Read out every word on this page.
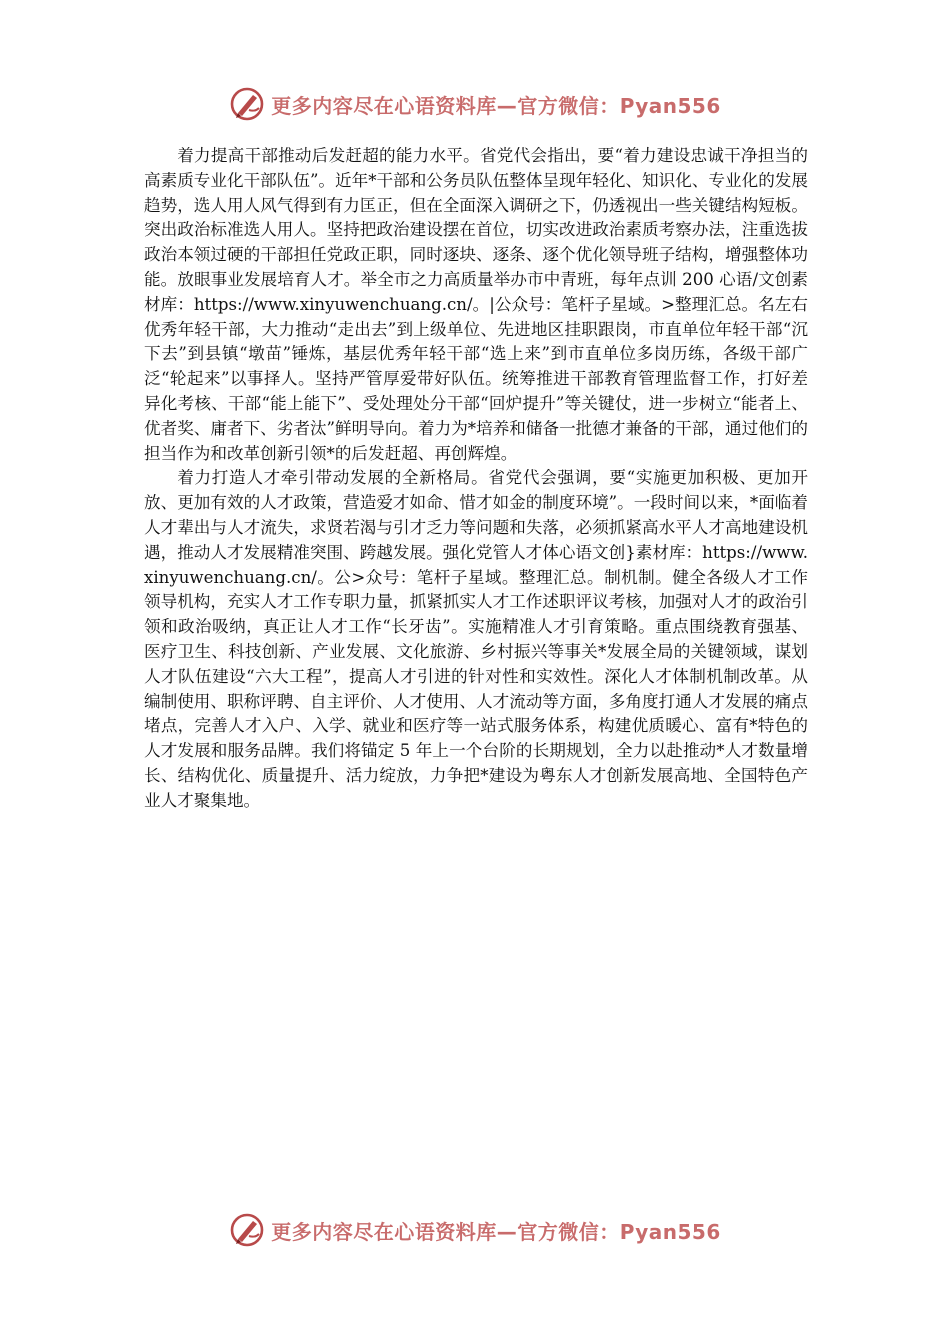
更多内容尽在心语资料库—官方微信：Pyan556

着力提高干部推动后发赶超的能力水平。省党代会指出，要“着力建设忠诚干净担当的高素质专业化干部队伍”。近年*干部和公务员队伍整体呈现年轻化、知识化、专业化的发展趋势，选人用人风气得到有力匡正，但在全面深入调研之下，仍透视出一些关键结构短板。突出政治标准选人用人。坚持把政治建设摆在首位，切实改进政治素质考察办法，注重选拔政治本领过硬的干部担任党政正职，同时逐块、逐条、逐个优化领导班子结构，增强整体功能。放眼事业发展培育人才。举全市之力高质量举办市中青班，每年点训 200 心语/文创素材库：https://www.xinyuwenchuang.cn/。|公众号：笔杆子星域。>整理汇总。名左右优秀年轻干部，大力推动“走出去”到上级单位、先进地区挂职跟岗，市直单位年轻干部“沉下去”到县镇“墩苗”锤炼，基层优秀年轻干部“选上来”到市直单位多岗历练，各级干部广泛“轮起来”以事择人。坚持严管厚爱带好队伍。统筹推进干部教育管理监督工作，打好差异化考核、干部“能上能下”、受处理处分干部“回炉提升”等关键仗，进一步树立“能者上、优者奖、庸者下、劣者汰”鲜明导向。着力为*培养和储备一批德才兼备的干部，通过他们的担当作为和改革创新引领*的后发赶超、再创辉煌。

着力打造人才牵引带动发展的全新格局。省党代会强调，要“实施更加积极、更加开放、更加有效的人才政策，营造爱才如命、惜才如金的制度环境”。一段时间以来，*面临着人才辈出与人才流失，求贤若渴与引才乏力等问题和失落，必须抓紧高水平人才高地建设机遇，推动人才发展精准突围、跨越发展。强化党管人才体心语文创}素材库：https://www.xinyuwenchuang.cn/。公>众号：笔杆子星域。整理汇总。制机制。健全各级人才工作领导机构，充实人才工作专职力量，抓紧抓实人才工作述职评议考核，加强对人才的政治引领和政治吸纳，真正让人才工作“长牙齿”。实施精准人才引育策略。重点围绕教育强基、医疗卫生、科技创新、产业发展、文化旅游、乡村振兴等事关*发展全局的关键领域，谋划人才队伍建设“六大工程”，提高人才引进的针对性和实效性。深化人才体制机制改革。从编制使用、职称评聘、自主评价、人才使用、人才流动等方面，多角度打通人才发展的痛点堵点，完善人才入户、入学、就业和医疗等一站式服务体系，构建优质暖心、富有*特色的人才发展和服务品牌。我们将锚定 5 年上一个台阶的长期规划，全力以赴推动*人才数量增长、结构优化、质量提升、活力绽放，力争把*建设为粤东人才创新发展高地、全国特色产业人才聚集地。

更多内容尽在心语资料库—官方微信：Pyan556
